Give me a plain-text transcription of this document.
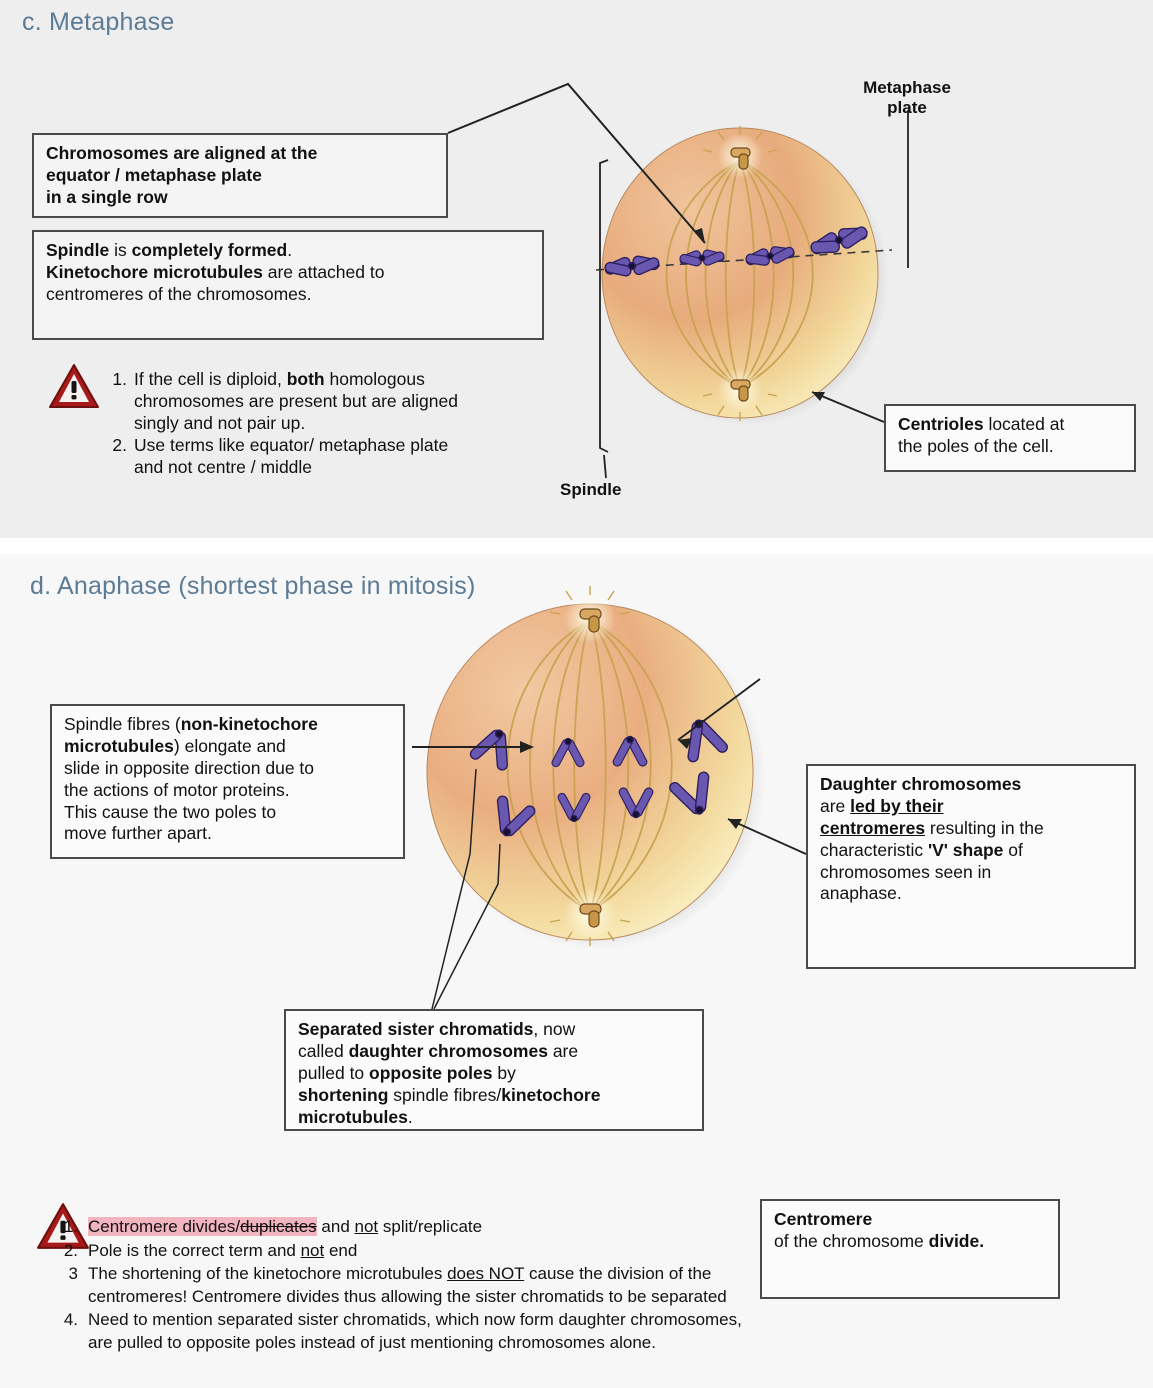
c. Metaphase
Metaphase
plate
Spindle
Chromosomes are aligned at the
equator / metaphase plate
in a single row
Spindle is completely formed.
Kinetochore microtubules are attached to
centromeres of the chromosomes.
Centrioles located at
the poles of the cell.
1. If the cell is diploid, both homologous
chromosomes are present but are aligned
singly and not pair up.
2. Use terms like equator/ metaphase plate
and not centre / middle
d. Anaphase (shortest phase in mitosis)
Spindle fibres (non-kinetochore
microtubules) elongate and
slide in opposite direction due to
the actions of motor proteins.
This cause the two poles to
move further apart.
Centromere
of the chromosome divide.
Daughter chromosomes
are led by their
centromeres resulting in the
characteristic 'V' shape of
chromosomes seen in
anaphase.
Separated sister chromatids, now
called daughter chromosomes are
pulled to opposite poles by
shortening spindle fibres/kinetochore
microtubules.
1. Centromere divides/duplicates and not split/replicate
2. Pole is the correct term and not end
3 The shortening of the kinetochore microtubules does NOT cause the division of the
centromeres! Centromere divides thus allowing the sister chromatids to be separated
4. Need to mention separated sister chromatids, which now form daughter chromosomes,
are pulled to opposite poles instead of just mentioning chromosomes alone.
